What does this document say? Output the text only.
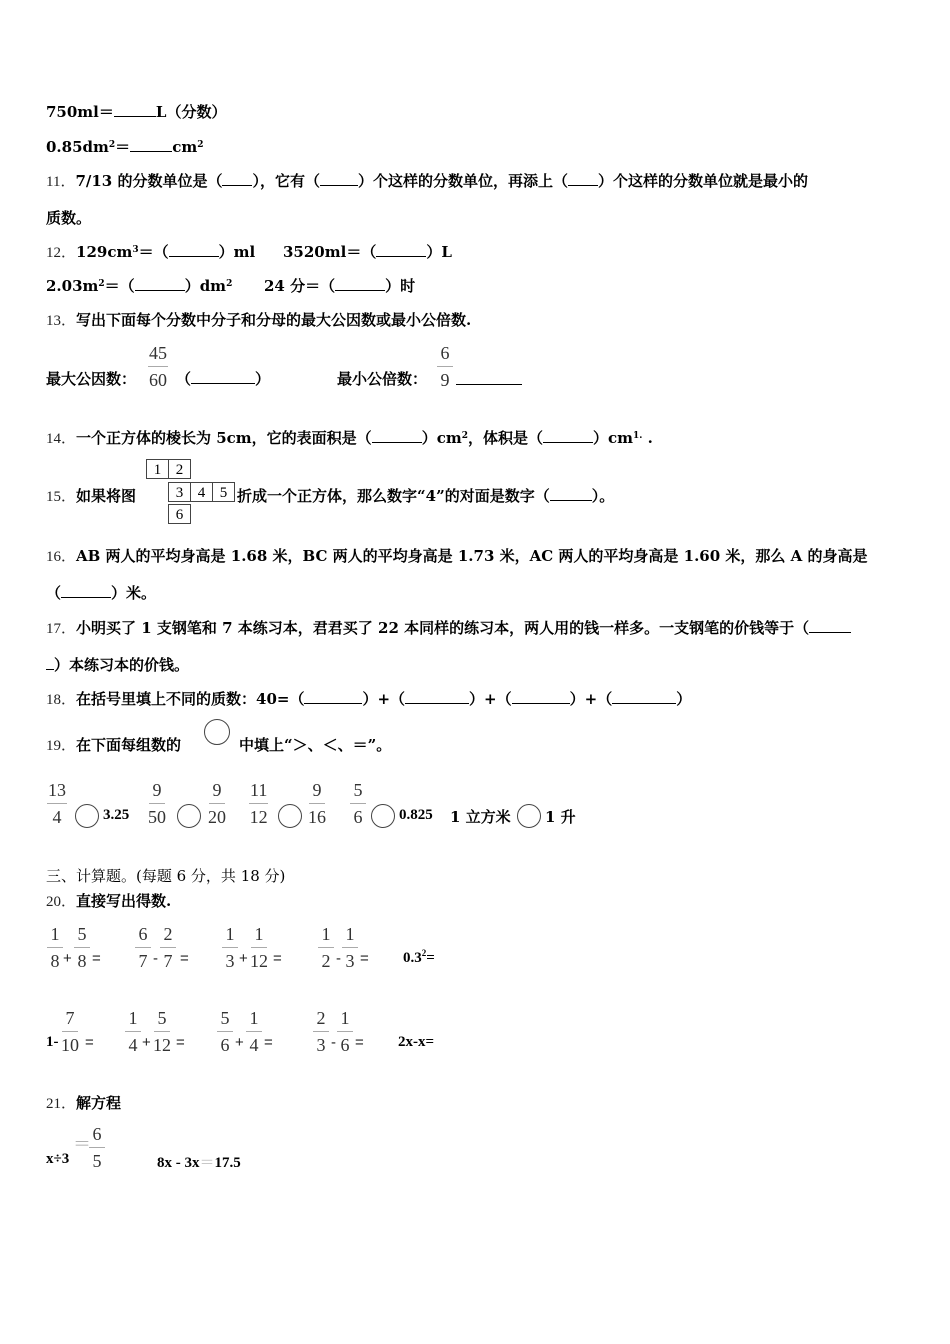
750ml＝	L（分数）
$0.85dm^2=$	$cm^2$
11．7/13 的分数单位是（ ），它有（	）个这样的分数单位，再添上（ ）个这样的分数单位就是最小的
质数。
12．$129cm^3=$（	）ml 3520ml＝（	）L
$2.03m^2=$（	）$dm^2$ 24 分＝（	）时
13．写出下面每个分数中分子和分母的最大公因数或最小公倍数.
最大公因数： $\frac{45}{60}$ （	）	最小公倍数： $\frac{6}{9}$
14．一个正方体的棱长为 5cm，它的表面积是（	）$cm^2$，体积是（	）$cm^{1.}$ .
15．如果将图
1 2
3 4 5
6
折成一个正方体，那么数字“4”的对面是数字（	）。
16．AB 两人的平均身高是 1.68 米，BC 两人的平均身高是 1.73 米，AC 两人的平均身高是 1.60 米，那么 A 的身高是
（	）米。
17．小明买了 1 支钢笔和 7 本练习本，君君买了 22 本同样的练习本，两人用的钱一样多。一支钢笔的价钱等于（
）本练习本的价钱。
18．在括号里填上不同的质数：40=（	）+（	）+（	）+（	）
19．在下面每组数的	中填上“＞、＜、＝”。
$\frac{13}{4} 3.25 \frac{9}{50} \frac{9}{20} \frac{11}{12} \frac{9}{16} \frac{5}{6} 0.825$ 1 立方米 1 升
三、计算题。(每题 6 分，共 18 分)
20．直接写出得数.
$\frac{1}{8} + \frac{5}{8} = \frac{6}{7} - \frac{2}{7} = \frac{1}{3} + \frac{1}{12} = \frac{1}{2} - \frac{1}{3} = 0.3^2=$
$1- \frac{7}{10} = \frac{1}{4} + \frac{5}{12} = \frac{5}{6} + \frac{1}{4} = \frac{2}{3} - \frac{1}{6} = 2x-x=$
21．解方程
x÷3
＝
$\frac{6}{5}$	8x - 3x＝17.5
